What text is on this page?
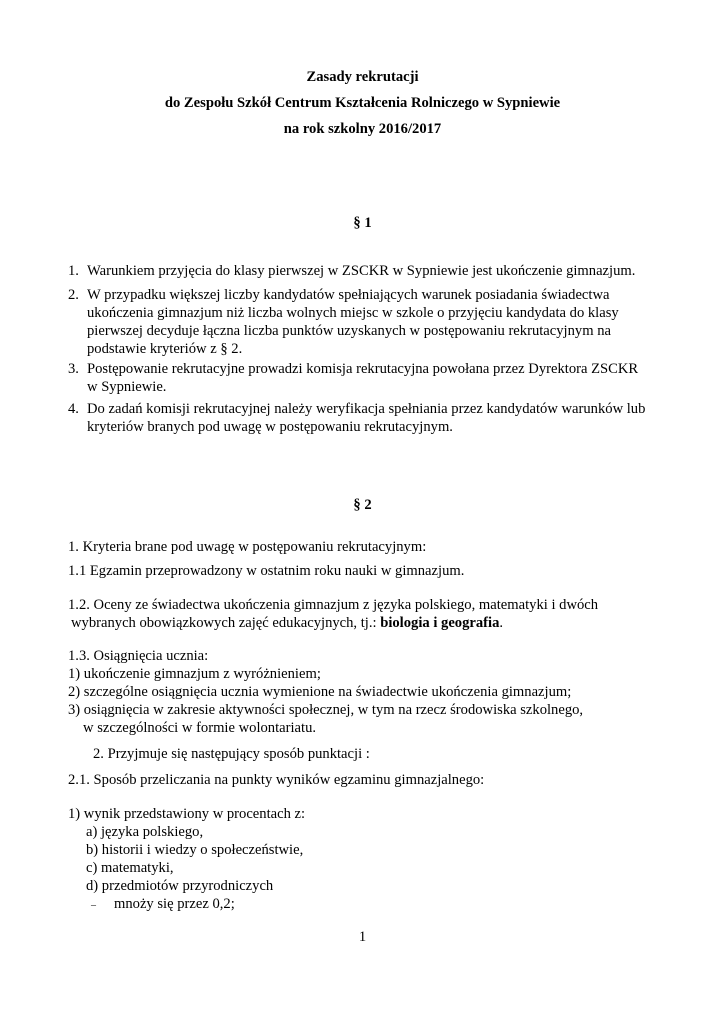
Zasady rekrutacji
do Zespołu Szkół Centrum Kształcenia Rolniczego w Sypniewie
na rok szkolny 2016/2017
§ 1
1. Warunkiem przyjęcia do klasy pierwszej w ZSCKR w Sypniewie jest ukończenie gimnazjum.
2. W przypadku większej liczby kandydatów spełniających warunek posiadania świadectwa
ukończenia gimnazjum niż liczba wolnych miejsc w szkole o przyjęciu kandydata do klasy
pierwszej decyduje łączna liczba punktów uzyskanych w postępowaniu rekrutacyjnym na
podstawie kryteriów z § 2.
3. Postępowanie rekrutacyjne prowadzi komisja rekrutacyjna powołana przez Dyrektora ZSCKR
w Sypniewie.
4. Do zadań komisji rekrutacyjnej należy weryfikacja spełniania przez kandydatów warunków lub
kryteriów branych pod uwagę w postępowaniu rekrutacyjnym.
§ 2
1. Kryteria brane pod uwagę w postępowaniu rekrutacyjnym:
1.1 Egzamin przeprowadzony w ostatnim roku nauki w gimnazjum.
1.2. Oceny ze świadectwa ukończenia gimnazjum z języka polskiego, matematyki i dwóch
wybranych obowiązkowych zajęć edukacyjnych, tj.: biologia i geografia.
1.3. Osiągnięcia ucznia:
1) ukończenie gimnazjum z wyróżnieniem;
2) szczególne osiągnięcia ucznia wymienione na świadectwie ukończenia gimnazjum;
3) osiągnięcia w zakresie aktywności społecznej, w tym na rzecz środowiska szkolnego,
w szczególności w formie wolontariatu.
2. Przyjmuje się następujący sposób punktacji :
2.1. Sposób przeliczania na punkty wyników egzaminu gimnazjalnego:
1) wynik przedstawiony w procentach z:
a) języka polskiego,
b) historii i wiedzy o społeczeństwie,
c) matematyki,
d) przedmiotów przyrodniczych
– mnoży się przez 0,2;
1
